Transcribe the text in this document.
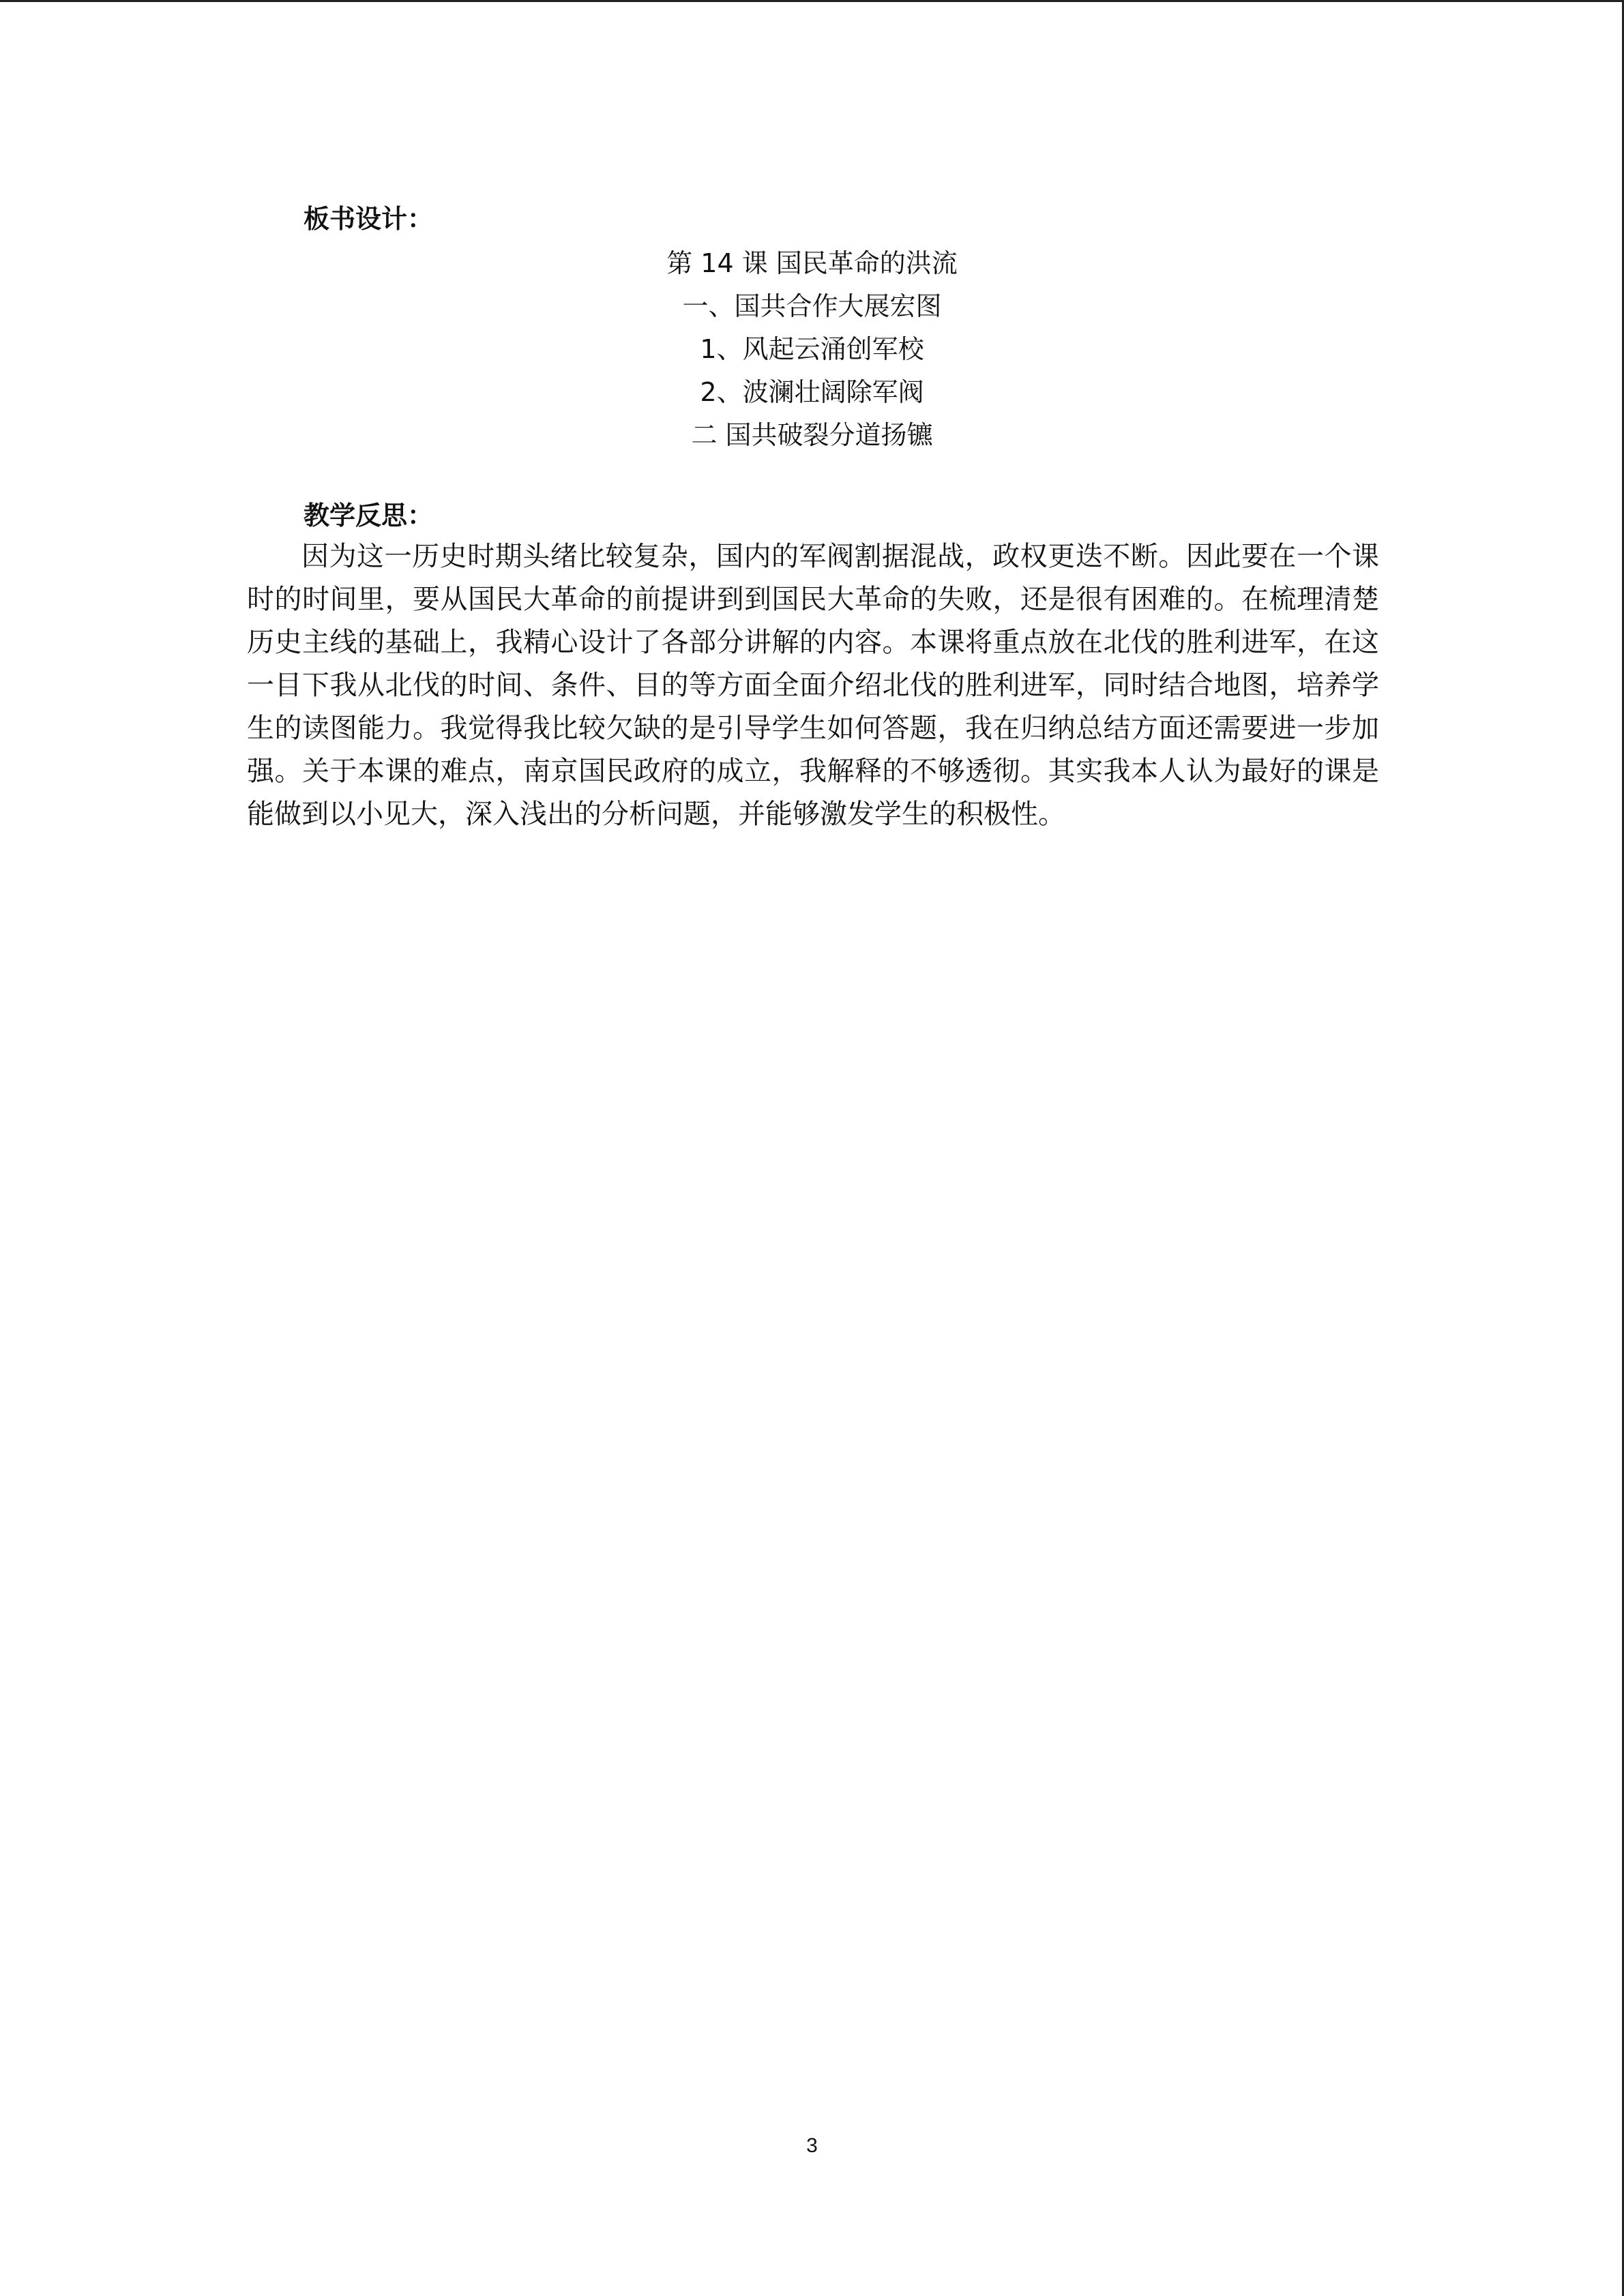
板书设计：
第 14 课 国民革命的洪流
一、国共合作大展宏图
1、风起云涌创军校
2、波澜壮阔除军阀
二 国共破裂分道扬镳
教学反思：

因为这一历史时期头绪比较复杂，国内的军阀割据混战，政权更迭不断。因此要在一个课时的时间里，要从国民大革命的前提讲到到国民大革命的失败，还是很有困难的。在梳理清楚历史主线的基础上，我精心设计了各部分讲解的内容。本课将重点放在北伐的胜利进军，在这一目下我从北伐的时间、条件、目的等方面全面介绍北伐的胜利进军，同时结合地图，培养学生的读图能力。我觉得我比较欠缺的是引导学生如何答题，我在归纳总结方面还需要进一步加强。关于本课的难点，南京国民政府的成立，我解释的不够透彻。其实我本人认为最好的课是能做到以小见大，深入浅出的分析问题，并能够激发学生的积极性。

3
